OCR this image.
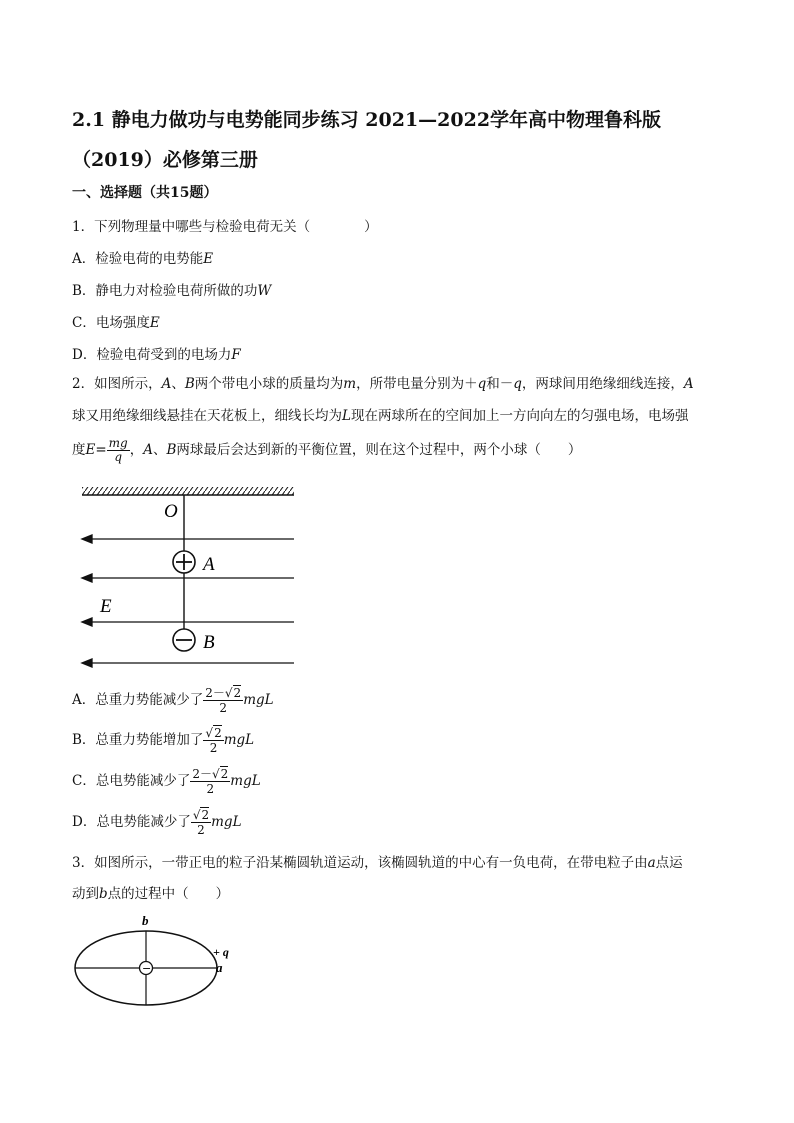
2.1 静电力做功与电势能同步练习 2021—2022学年高中物理鲁科版
（2019）必修第三册
一、选择题（共15题）
1．下列物理量中哪些与检验电荷无关（　　　　）
A．检验电荷的电势能E
B．静电力对检验电荷所做的功W
C．电场强度E
D．检验电荷受到的电场力F
2．如图所示，A、B两个带电小球的质量均为m，所带电量分别为＋q和－q，两球间用绝缘细线连接，A
球又用绝缘细线悬挂在天花板上，细线长均为L现在两球所在的空间加上一方向向左的匀强电场，电场强
度$E= \frac{mg}{q}$ ，A、B两球最后会达到新的平衡位置，则在这个过程中，两个小球（　　）
O
A
E
B
A．总重力势能减少了 $\frac{2-√2}{2}$ mgL
B．总重力势能增加了 $\frac{√2}{2}$ mgL
C．总电势能减少了 $\frac{2-√2}{2}$ mgL
D．总电势能减少了 $\frac{√2}{2}$ mgL
3．如图所示，一带正电的粒子沿某椭圆轨道运动，该椭圆轨道的中心有一负电荷，在带电粒子由a点运
动到b点的过程中（　　）
−
b
+ q
a
